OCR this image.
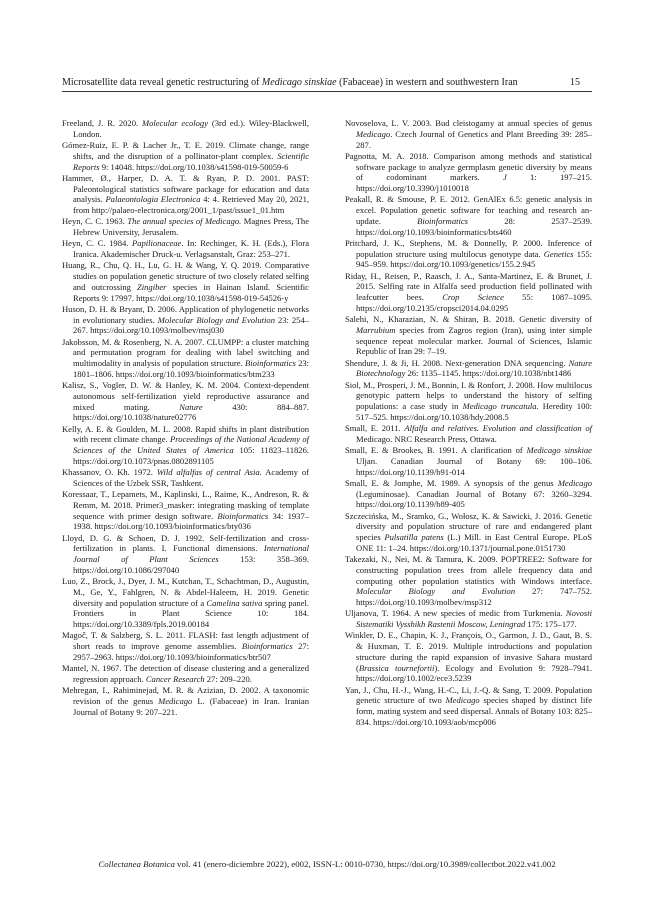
Microsatellite data reveal genetic restructuring of Medicago sinskiae (Fabaceae) in western and southwestern Iran	15

Freeland, J. R. 2020. Molecular ecology (3rd ed.). Wiley-Blackwell, London.

Gómez-Ruiz, E. P. & Lacher Jr., T. E. 2019. Climate change, range shifts, and the disruption of a pollinator-plant complex. Scientific Reports 9: 14048. https://doi.org/10.1038/s41598-019-50059-6

Hammer, Ø., Harper, D. A. T. & Ryan, P. D. 2001. PAST: Paleontological statistics software package for education and data analysis. Palaeontologia Electronica 4: 4. Retrieved May 20, 2021, from http://palaeo-electronica.org/2001_1/past/issue1_01.htm

Heyn, C. C. 1963. The annual species of Medicago. Magnes Press, The Hebrew University, Jerusalem.

Heyn, C. C. 1984. Papilionaceae. In: Rechinger, K. H. (Eds.), Flora Iranica. Akademischer Druck-u. Verlagsanstalt, Graz: 253–271.

Huang, R., Chu, Q. H., Lu, G. H. & Wang, Y. Q. 2019. Comparative studies on population genetic structure of two closely related selfing and outcrossing Zingiber species in Hainan Island. Scientific Reports 9: 17997. https://doi.org/10.1038/s41598-019-54526-y

Huson, D. H. & Bryant, D. 2006. Application of phylogenetic networks in evolutionary studies. Molecular Biology and Evolution 23: 254–267. https://doi.org/10.1093/molbev/msj030

Jakobsson, M. & Rosenberg, N. A. 2007. CLUMPP: a cluster matching and permutation program for dealing with label switching and multimodality in analysis of population structure. Bioinformatics 23: 1801–1806. https://doi.org/10.1093/bioinformatics/btm233

Kalisz, S., Vogler, D. W. & Hanley, K. M. 2004. Context-dependent autonomous self-fertilization yield reproductive assurance and mixed mating. Nature 430: 884–887. https://doi.org/10.1038/nature02776

Kelly, A. E. & Goulden, M. L. 2008. Rapid shifts in plant distribution with recent climate change. Proceedings of the National Academy of Sciences of the United States of America 105: 11823–11826. https://doi.org/10.1073/pnas.0802891105

Khassanov, O. Kh. 1972. Wild alfalfas of central Asia. Academy of Sciences of the Uzbek SSR, Tashkent.

Koressaar, T., Lepamets, M., Kaplinski, L., Raime, K., Andreson, R. & Remm, M. 2018. Primer3_masker: integrating masking of template sequence with primer design software. Bioinformatics 34: 1937–1938. https://doi.org/10.1093/bioinformatics/bty036

Lloyd, D. G. & Schoen, D. J. 1992. Self-fertilization and cross-fertilization in plants. I. Functional dimensions. International Journal of Plant Sciences 153: 358–369. https://doi.org/10.1086/297040

Luo, Z., Brock, J., Dyer, J. M., Kutchan, T., Schachtman, D., Augustin, M., Ge, Y., Fahlgren, N. & Abdel-Haleem, H. 2019. Genetic diversity and population structure of a Camelina sativa spring panel. Frontiers in Plant Science 10: 184. https://doi.org/10.3389/fpls.2019.00184

Magoč, T. & Salzberg, S. L. 2011. FLASH: fast length adjustment of short reads to improve genome assemblies. Bioinformatics 27: 2957–2963. https://doi.org/10.1093/bioinformatics/btr507

Mantel, N. 1967. The detection of disease clustering and a generalized regression approach. Cancer Research 27: 209–220.

Mehregan, I., Rahiminejad, M. R. & Azizian, D. 2002. A taxonomic revision of the genus Medicago L. (Fabaceae) in Iran. Iranian Journal of Botany 9: 207–221.

Novoselova, L. V. 2003. Bud cleistogamy at annual species of genus Medicago. Czech Journal of Genetics and Plant Breeding 39: 285–287.

Pagnotta, M. A. 2018. Comparison among methods and statistical software package to analyze germplasm genetic diversity by means of codominant markers. J 1: 197–215. https://doi.org/10.3390/j1010018

Peakall, R. & Smouse, P. E. 2012. GenAlEx 6.5: genetic analysis in excel. Population genetic software for teaching and research an-update. Bioinformatics 28: 2537–2539. https://doi.org/10.1093/bioinformatics/bts460

Pritchard, J. K., Stephens, M. & Donnelly, P. 2000. Inference of population structure using multilocus genotype data. Genetics 155: 945–959. https://doi.org/10.1093/genetics/155.2.945

Riday, H., Reisen, P., Raasch, J. A., Santa-Martinez, E. & Brunet, J. 2015. Selfing rate in Alfalfa seed production field pollinated with leafcutter bees. Crop Science 55: 1087–1095. https://doi.org/10.2135/cropsci2014.04.0295

Salehi, N., Kharazian, N. & Shiran, B. 2018. Genetic diversity of Marrubium species from Zagros region (Iran), using inter simple sequence repeat molecular marker. Journal of Sciences, Islamic Republic of Iran 29: 7–19.

Shendure, J. & Ji, H. 2008. Next-generation DNA sequencing. Nature Biotechnology 26: 1135–1145. https://doi.org/10.1038/nbt1486

Siol, M., Prosperi, J. M., Bonnin, I. & Ronfort, J. 2008. How multilocus genotypic pattern helps to understand the history of selfing populations: a case study in Medicago truncatula. Heredity 100: 517–525. https://doi.org/10.1038/hdy.2008.5

Small, E. 2011. Alfalfa and relatives. Evolution and classification of Medicago. NRC Research Press, Ottawa.

Small, E. & Brookes, B. 1991. A clarification of Medicago sinskiae Uljan. Canadian Journal of Botany 69: 100–106. https://doi.org/10.1139/b91-014

Small, E. & Jomphe, M. 1989. A synopsis of the genus Medicago (Leguminosae). Canadian Journal of Botany 67: 3260–3294. https://doi.org/10.1139/b89-405

Szczecińska, M., Sramko, G., Wołosz, K. & Sawicki, J. 2016. Genetic diversity and population structure of rare and endangered plant species Pulsatilla patens (L.) Mill. in East Central Europe. PLoS ONE 11: 1–24. https://doi.org/10.1371/journal.pone.0151730

Takezaki, N., Nei, M. & Tamura, K. 2009. POPTREE2: Software for constructing population trees from allele frequency data and computing other population statistics with Windows interface. Molecular Biology and Evolution 27: 747–752. https://doi.org/10.1093/molbev/msp312

Uljanova, T. 1964. A new species of medic from Turkmenia. Novosti Sistematiki Vysshikh Rastenii Moscow, Leningrad 175: 175–177.

Winkler, D. E., Chapin, K. J., François, O., Garmon, J. D., Gaut, B. S. & Huxman, T. E. 2019. Multiple introductions and population structure during the rapid expansion of invasive Sahara mustard (Brassica tournefortii). Ecology and Evolution 9: 7928–7941. https://doi.org/10.1002/ece3.5239

Yan, J., Chu, H.-J., Wang, H.-C., Li, J.-Q. & Sang, T. 2009. Population genetic structure of two Medicago species shaped by distinct life form, mating system and seed dispersal. Annals of Botany 103: 825–834. https://doi.org/10.1093/aob/mcp006

Collectanea Botanica vol. 41 (enero-diciembre 2022), e002, ISSN-L: 0010-0730, https://doi.org/10.3989/collectbot.2022.v41.002
